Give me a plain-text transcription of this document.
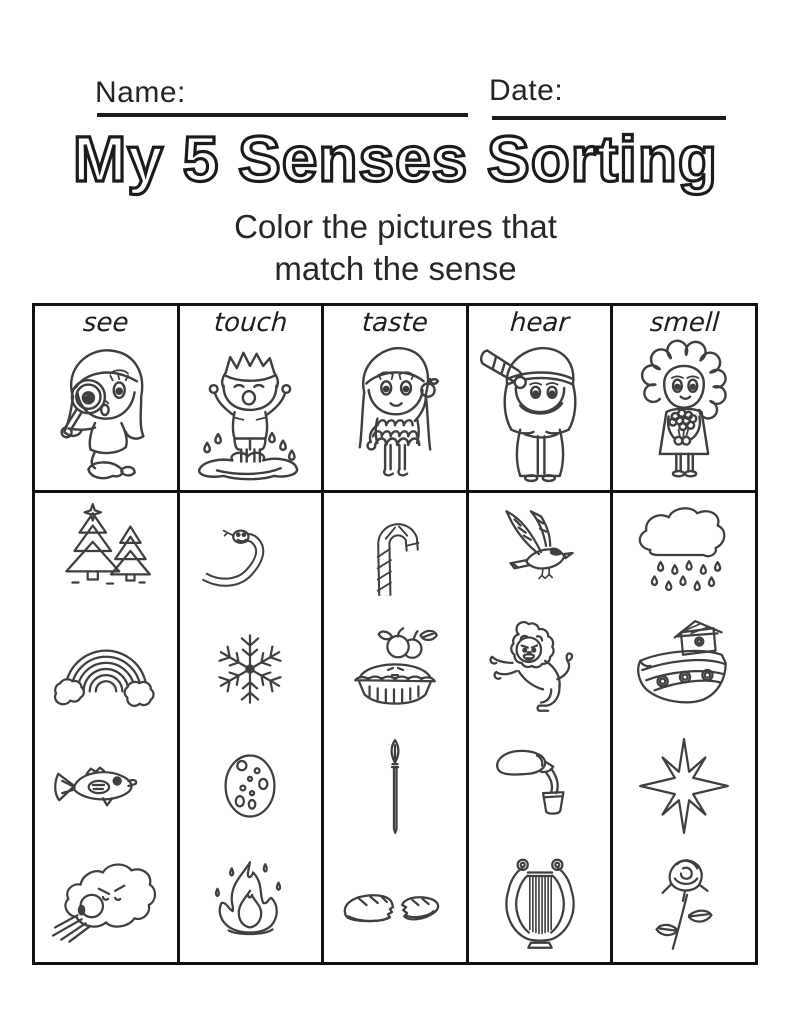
Name:	Date:
My 5 Senses Sorting
Color the pictures that
match the sense
see	touch	taste	hear	smell
